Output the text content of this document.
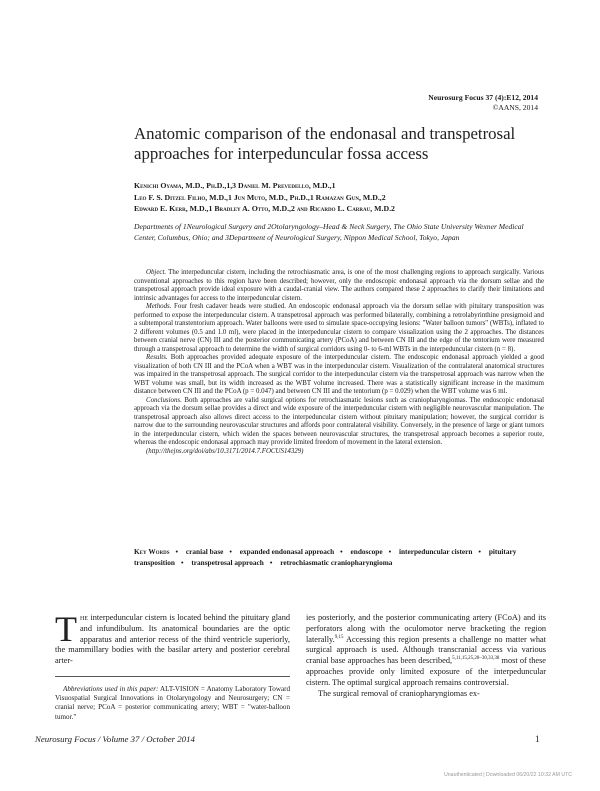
Neurosurg Focus 37 (4):E12, 2014
©AANS, 2014
Anatomic comparison of the endonasal and transpetrosal approaches for interpeduncular fossa access
Kenichi Oyama, M.D., Ph.D.,1,3 Daniel M. Prevedello, M.D.,1
Leo F. S. Ditzel Filho, M.D.,1 Jun Muto, M.D., Ph.D.,1 Ramazan Gun, M.D.,2
Edward E. Kerr, M.D.,1 Bradley A. Otto, M.D.,2 and Ricardo L. Carrau, M.D.2
Departments of 1Neurological Surgery and 2Otolaryngology–Head & Neck Surgery, The Ohio State University Wexner Medical Center, Columbus, Ohio; and 3Department of Neurological Surgery, Nippon Medical School, Tokyo, Japan

Object. The interpeduncular cistern, including the retrochiasmatic area, is one of the most challenging regions to approach surgically. Various conventional approaches to this region have been described; however, only the endoscopic endonasal approach via the dorsum sellae and the transpetrosal approach provide ideal exposure with a caudal-cranial view. The authors compared these 2 approaches to clarify their limitations and intrinsic advantages for access to the interpeduncular cistern.

Methods. Four fresh cadaver heads were studied. An endoscopic endonasal approach via the dorsum sellae with pituitary transposition was performed to expose the interpeduncular cistern. A transpetrosal approach was performed bilaterally, combining a retrolabyrinthine presigmoid and a subtemporal transtentorium approach. Water balloons were used to simulate space-occupying lesions: "Water balloon tumors" (WBTs), inflated to 2 different volumes (0.5 and 1.0 ml), were placed in the interpeduncular cistern to compare visualization using the 2 approaches. The distances between cranial nerve (CN) III and the posterior communicating artery (PCoA) and between CN III and the edge of the tentorium were measured through a transpetrosal approach to determine the width of surgical corridors using 0- to 6-ml WBTs in the interpeduncular cistern (n = 8).

Results. Both approaches provided adequate exposure of the interpeduncular cistern. The endoscopic endonasal approach yielded a good visualization of both CN III and the PCoA when a WBT was in the interpeduncular cistern. Visualization of the contralateral anatomical structures was impaired in the transpetrosal approach. The surgical corridor to the interpeduncular cistern via the transpetrosal approach was narrow when the WBT volume was small, but its width increased as the WBT volume increased. There was a statistically significant increase in the maximum distance between CN III and the PCoA (p = 0.047) and between CN III and the tentorium (p = 0.029) when the WBT volume was 6 ml.

Conclusions. Both approaches are valid surgical options for retrochiasmatic lesions such as craniopharyngiomas. The endoscopic endonasal approach via the dorsum sellae provides a direct and wide exposure of the interpeduncular cistern with negligible neurovascular manipulation. The transpetrosal approach also allows direct access to the interpeduncular cistern without pituitary manipulation; however, the surgical corridor is narrow due to the surrounding neurovascular structures and affords poor contralateral visibility. Conversely, in the presence of large or giant tumors in the interpeduncular cistern, which widen the spaces between neurovascular structures, the transpetrosal approach becomes a superior route, whereas the endoscopic endonasal approach may provide limited freedom of movement in the lateral extension.

(http://thejns.org/doi/abs/10.3171/2014.7.FOCUS14329)

Key Words • cranial base • expanded endonasal approach • endoscope • interpeduncular cistern • pituitary transposition • transpetrosal approach • retrochiasmatic craniopharyngioma
The interpeduncular cistern is located behind the pituitary gland and infundibulum. Its anatomical boundaries are the optic apparatus and anterior recess of the third ventricle superiorly, the mammillary bodies with the basilar artery and posterior cerebral arter-

Abbreviations used in this paper: ALT-VISION = Anatomy Laboratory Toward Visuospatial Surgical Innovations in Otolaryngology and Neurosurgery; CN = cranial nerve; PCoA = posterior communicating artery; WBT = "water-balloon tumor."

ies posteriorly, and the posterior communicating artery (FCoA) and its perforators along with the oculomotor nerve bracketing the region laterally.$^{9,15}$ Accessing this region presents a challenge no matter what surgical approach is used. Although transcranial access via various cranial base approaches has been described,$^{5,11,15,25,28-30,33,38}$ most of these approaches provide only limited exposure of the interpeduncular cistern. The optimal surgical approach remains controversial.
The surgical removal of craniopharyngiomas ex-
Neurosurg Focus / Volume 37 / October 2014	1
Unauthenticated | Downloaded 06/20/22 10:32 AM UTC
